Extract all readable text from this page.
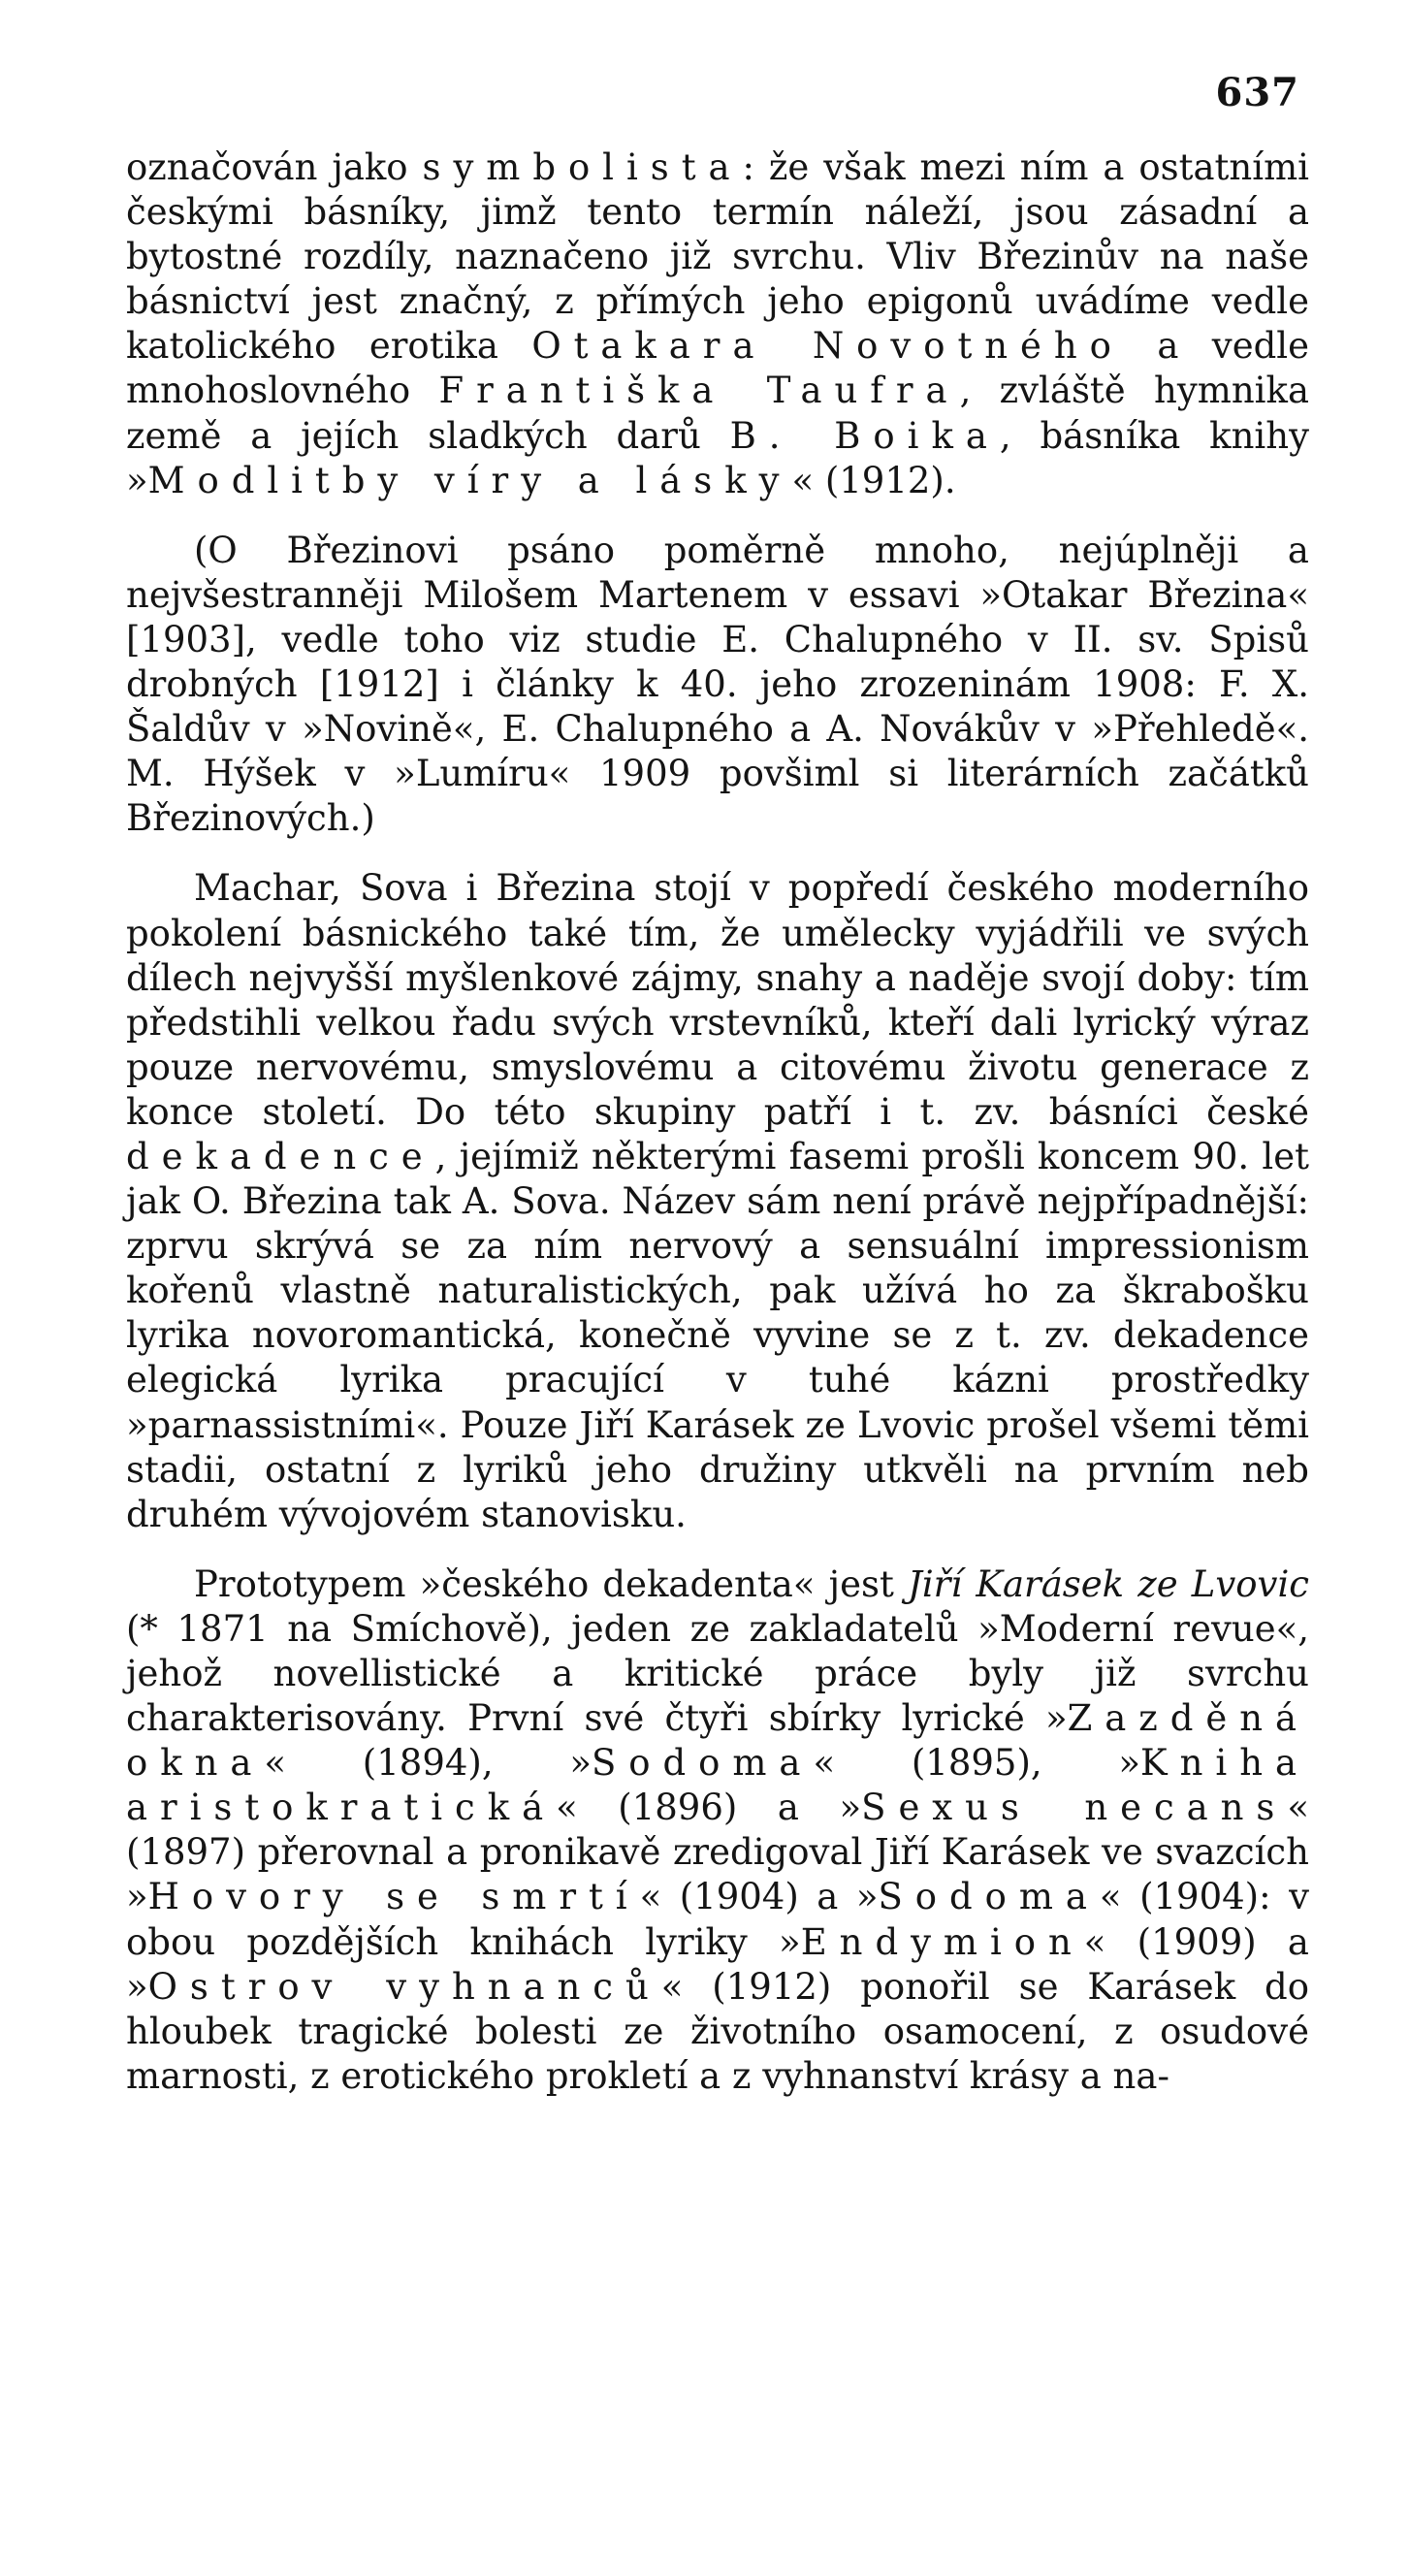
637

označován jako symbolista: že však mezi ním a ostatními českými básníky, jimž tento termín náleží, jsou zásadní a bytostné rozdíly, naznačeno již svrchu. Vliv Březinův na naše básnictví jest značný, z přímých jeho epigonů uvádíme vedle katolického erotika Otakara Novotného a vedle mnohoslovného Františka Taufra, zvláště hymnika země a jejích sladkých darů B. Boika, básníka knihy »Modlitby víry a lásky« (1912).

(O Březinovi psáno poměrně mnoho, nejúplněji a nejvšestranněji Milošem Martenem v essavi »Otakar Březina« [1903], vedle toho viz studie E. Chalupného v II. sv. Spisů drobných [1912] i články k 40. jeho zrozeninám 1908: F. X. Šaldův v »Novině«, E. Chalupného a A. Novákův v »Přehledě«. M. Hýšek v »Lumíru« 1909 povšiml si literárních začátků Březinových.)

Machar, Sova i Březina stojí v popředí českého moderního pokolení básnického také tím, že umělecky vyjádřili ve svých dílech nejvyšší myšlenkové zájmy, snahy a naděje svojí doby: tím předstihli velkou řadu svých vrstevníků, kteří dali lyrický výraz pouze nervovému, smyslovému a citovému životu generace z konce století. Do této skupiny patří i t. zv. básníci české dekadence, jejímiž některými fasemi prošli koncem 90. let jak O. Březina tak A. Sova. Název sám není právě nejpřípadnější: zprvu skrývá se za ním nervový a sensuální impressionism kořenů vlastně naturalistických, pak užívá ho za škrabošku lyrika novoromantická, konečně vyvine se z t. zv. dekadence elegická lyrika pracující v tuhé kázni prostředky »parnassistními«. Pouze Jiří Karásek ze Lvovic prošel všemi těmi stadii, ostatní z lyriků jeho družiny utkvěli na prvním neb druhém vývojovém stanovisku.

Prototypem »českého dekadenta« jest Jiří Karásek ze Lvovic (* 1871 na Smíchově), jeden ze zakladatelů »Moderní revue«, jehož novellistické a kritické práce byly již svrchu charakterisovány. První své čtyři sbírky lyrické »Zazděná okna« (1894), »Sodoma« (1895), »Kniha aristokratická« (1896) a »Sexus necans« (1897) přerovnal a pronikavě zredigoval Jiří Karásek ve svazcích »Hovory se smrtí« (1904) a »Sodoma« (1904): v obou pozdějších knihách lyriky »Endymion« (1909) a »Ostrov vyhnanců« (1912) ponořil se Karásek do hloubek tragické bolesti ze životního osamocení, z osudové marnosti, z erotického prokletí a z vyhnanství krásy a na-
